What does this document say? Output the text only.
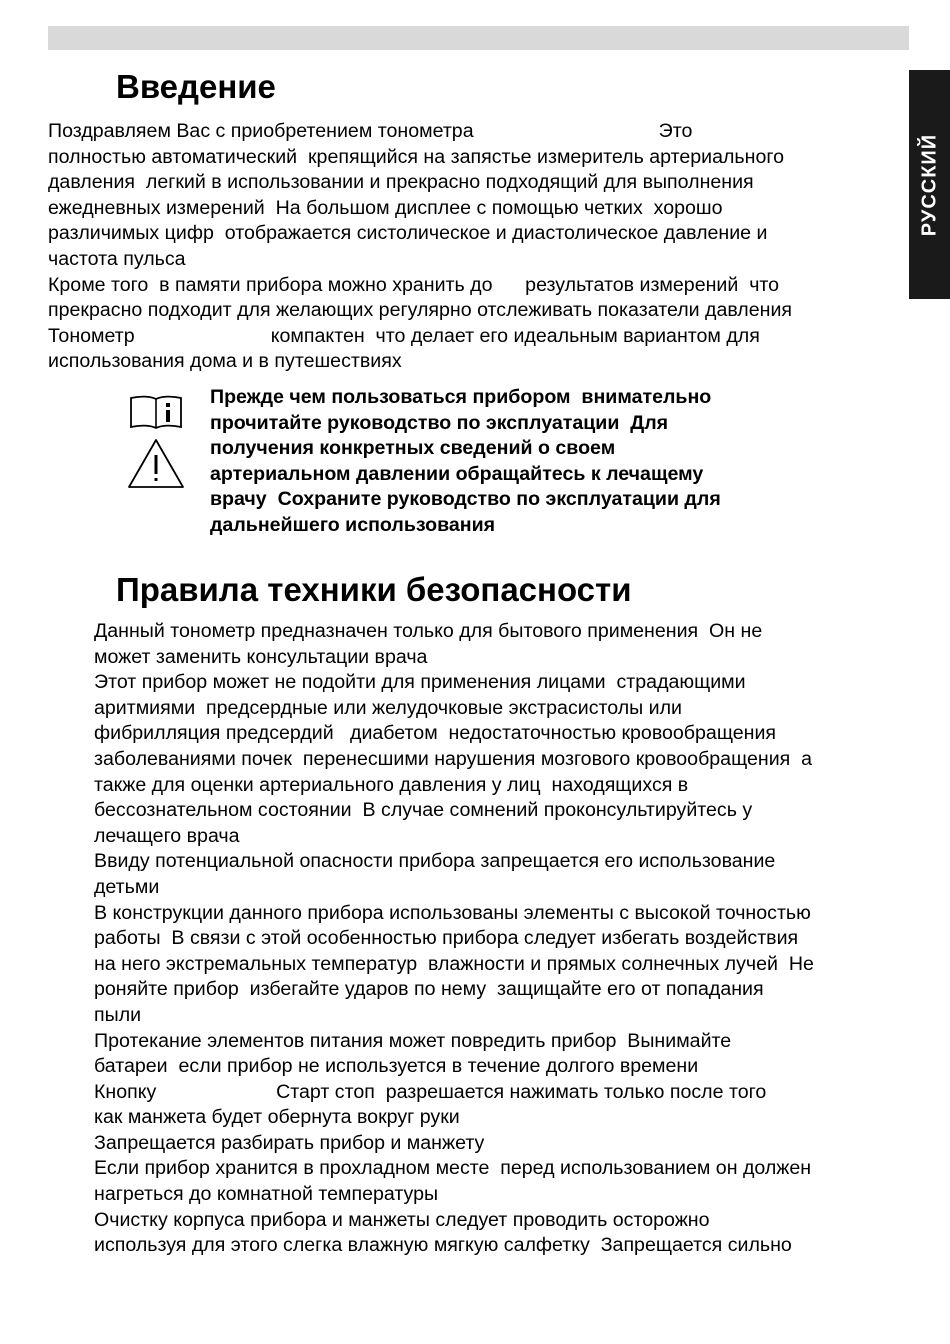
РУССКИЙ
Введение
Поздравляем Вас с приобретением тонометра                                  Это
полностью автоматический  крепящийся на запястье измеритель артериального
давления  легкий в использовании и прекрасно подходящий для выполнения
ежедневных измерений  На большом дисплее с помощью четких  хорошо
различимых цифр  отображается систолическое и диастолическое давление и
частота пульса
Кроме того  в памяти прибора можно хранить до      результатов измерений  что
прекрасно подходит для желающих регулярно отслеживать показатели давления
Тонометр                         компактен  что делает его идеальным вариантом для
использования дома и в путешествиях
Прежде чем пользоваться прибором  внимательно
прочитайте руководство по эксплуатации  Для
получения конкретных сведений о своем
артериальном давлении обращайтесь к лечащему
врачу  Сохраните руководство по эксплуатации для
дальнейшего использования
Правила техники безопасности
Данный тонометр предназначен только для бытового применения  Он не
может заменить консультации врача
Этот прибор может не подойти для применения лицами  страдающими
аритмиями  предсердные или желудочковые экстрасистолы или
фибрилляция предсердий   диабетом  недостаточностью кровообращения
заболеваниями почек  перенесшими нарушения мозгового кровообращения  а
также для оценки артериального давления у лиц  находящихся в
бессознательном состоянии  В случае сомнений проконсультируйтесь у
лечащего врача
Ввиду потенциальной опасности прибора запрещается его использование
детьми
В конструкции данного прибора использованы элементы с высокой точностью
работы  В связи с этой особенностью прибора следует избегать воздействия
на него экстремальных температур  влажности и прямых солнечных лучей  Не
роняйте прибор  избегайте ударов по нему  защищайте его от попадания
пыли
Протекание элементов питания может повредить прибор  Вынимайте
батареи  если прибор не используется в течение долгого времени
Кнопку                      Старт стоп  разрешается нажимать только после того
как манжета будет обернута вокруг руки
Запрещается разбирать прибор и манжету
Если прибор хранится в прохладном месте  перед использованием он должен
нагреться до комнатной температуры
Очистку корпуса прибора и манжеты следует проводить осторожно
используя для этого слегка влажную мягкую салфетку  Запрещается сильно
